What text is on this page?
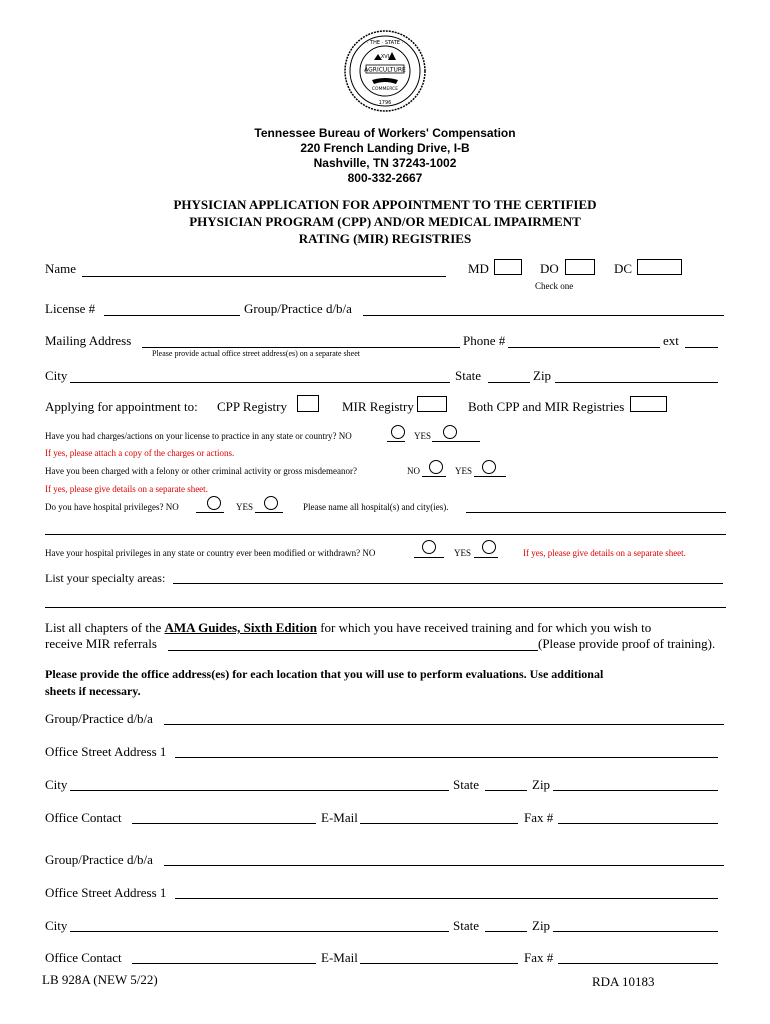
· THE · STATE ·
AGRICULTURE
XVI
COMMERCE
1796
Tennessee Bureau of Workers' Compensation
220 French Landing Drive, I-B
Nashville, TN 37243-1002
800-332-2667
PHYSICIAN APPLICATION FOR APPOINTMENT TO THE CERTIFIED
PHYSICIAN PROGRAM (CPP) AND/OR MEDICAL IMPAIRMENT
RATING (MIR) REGISTRIES
Name	MD	DO	DC
Check one
License #	Group/Practice d/b/a
Mailing Address	Phone #	ext
Please provide actual office street address(es) on a separate sheet
City	State	Zip
Applying for appointment to: CPP Registry	MIR Registry	Both CPP and MIR Registries
Have you had charges/actions on your license to practice in any state or country? NO	YES
If yes, please attach a copy of the charges or actions.
Have you been charged with a felony or other criminal activity or gross misdemeanor?	NO	YES
If yes, please give details on a separate sheet.
Do you have hospital privileges? NO	YES	Please name all hospital(s) and city(ies).
Have your hospital privileges in any state or country ever been modified or withdrawn? NO	YES	If yes, please give details on a separate sheet.
List your specialty areas:
List all chapters of the AMA Guides, Sixth Edition for which you have received training and for which you wish to
receive MIR referrals	(Please provide proof of training).
Please provide the office address(es) for each location that you will use to perform evaluations. Use additional
sheets if necessary.
Group/Practice d/b/a
Office Street Address 1
City	State	Zip
Office Contact	E-Mail	Fax #
Group/Practice d/b/a
Office Street Address 1
City	State	Zip
Office Contact	E-Mail	Fax #
LB 928A (NEW 5/22)	RDA 10183
